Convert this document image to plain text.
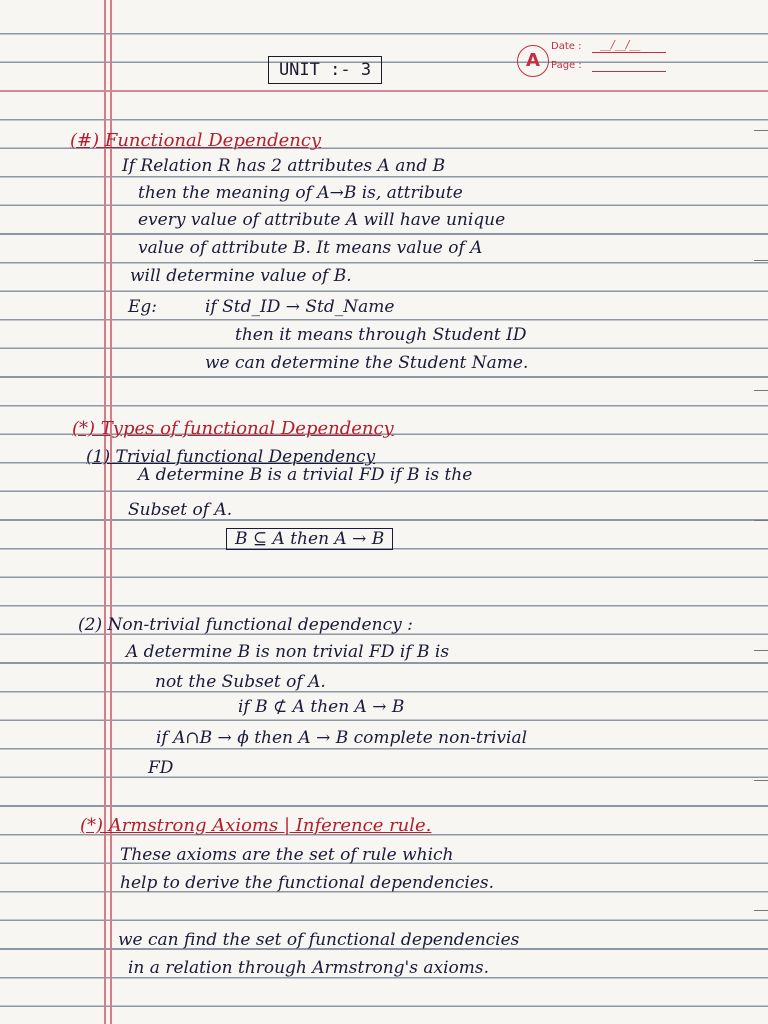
UNIT :- 3	A
Date : __/__/__
Page :
(#) Functional Dependency
If Relation R has 2 attributes A and B
then the meaning of A→B is, attribute
every value of attribute A will have unique
value of attribute B. It means value of A
will determine value of B.
Eg:	if Std_ID → Std_Name
then it means through Student ID
we can determine the Student Name.
(*) Types of functional Dependency
(1) Trivial functional Dependency
A determine B is a trivial FD if B is the
Subset of A.
B ⊆ A then A → B
(2) Non-trivial functional dependency :
A determine B is non trivial FD if B is
not the Subset of A.
if B ⊄ A then A → B
if A∩B → ϕ then A → B complete non-trivial
FD
(*) Armstrong Axioms | Inference rule.
These axioms are the set of rule which
help to derive the functional dependencies.
we can find the set of functional dependencies
in a relation through Armstrong's axioms.
